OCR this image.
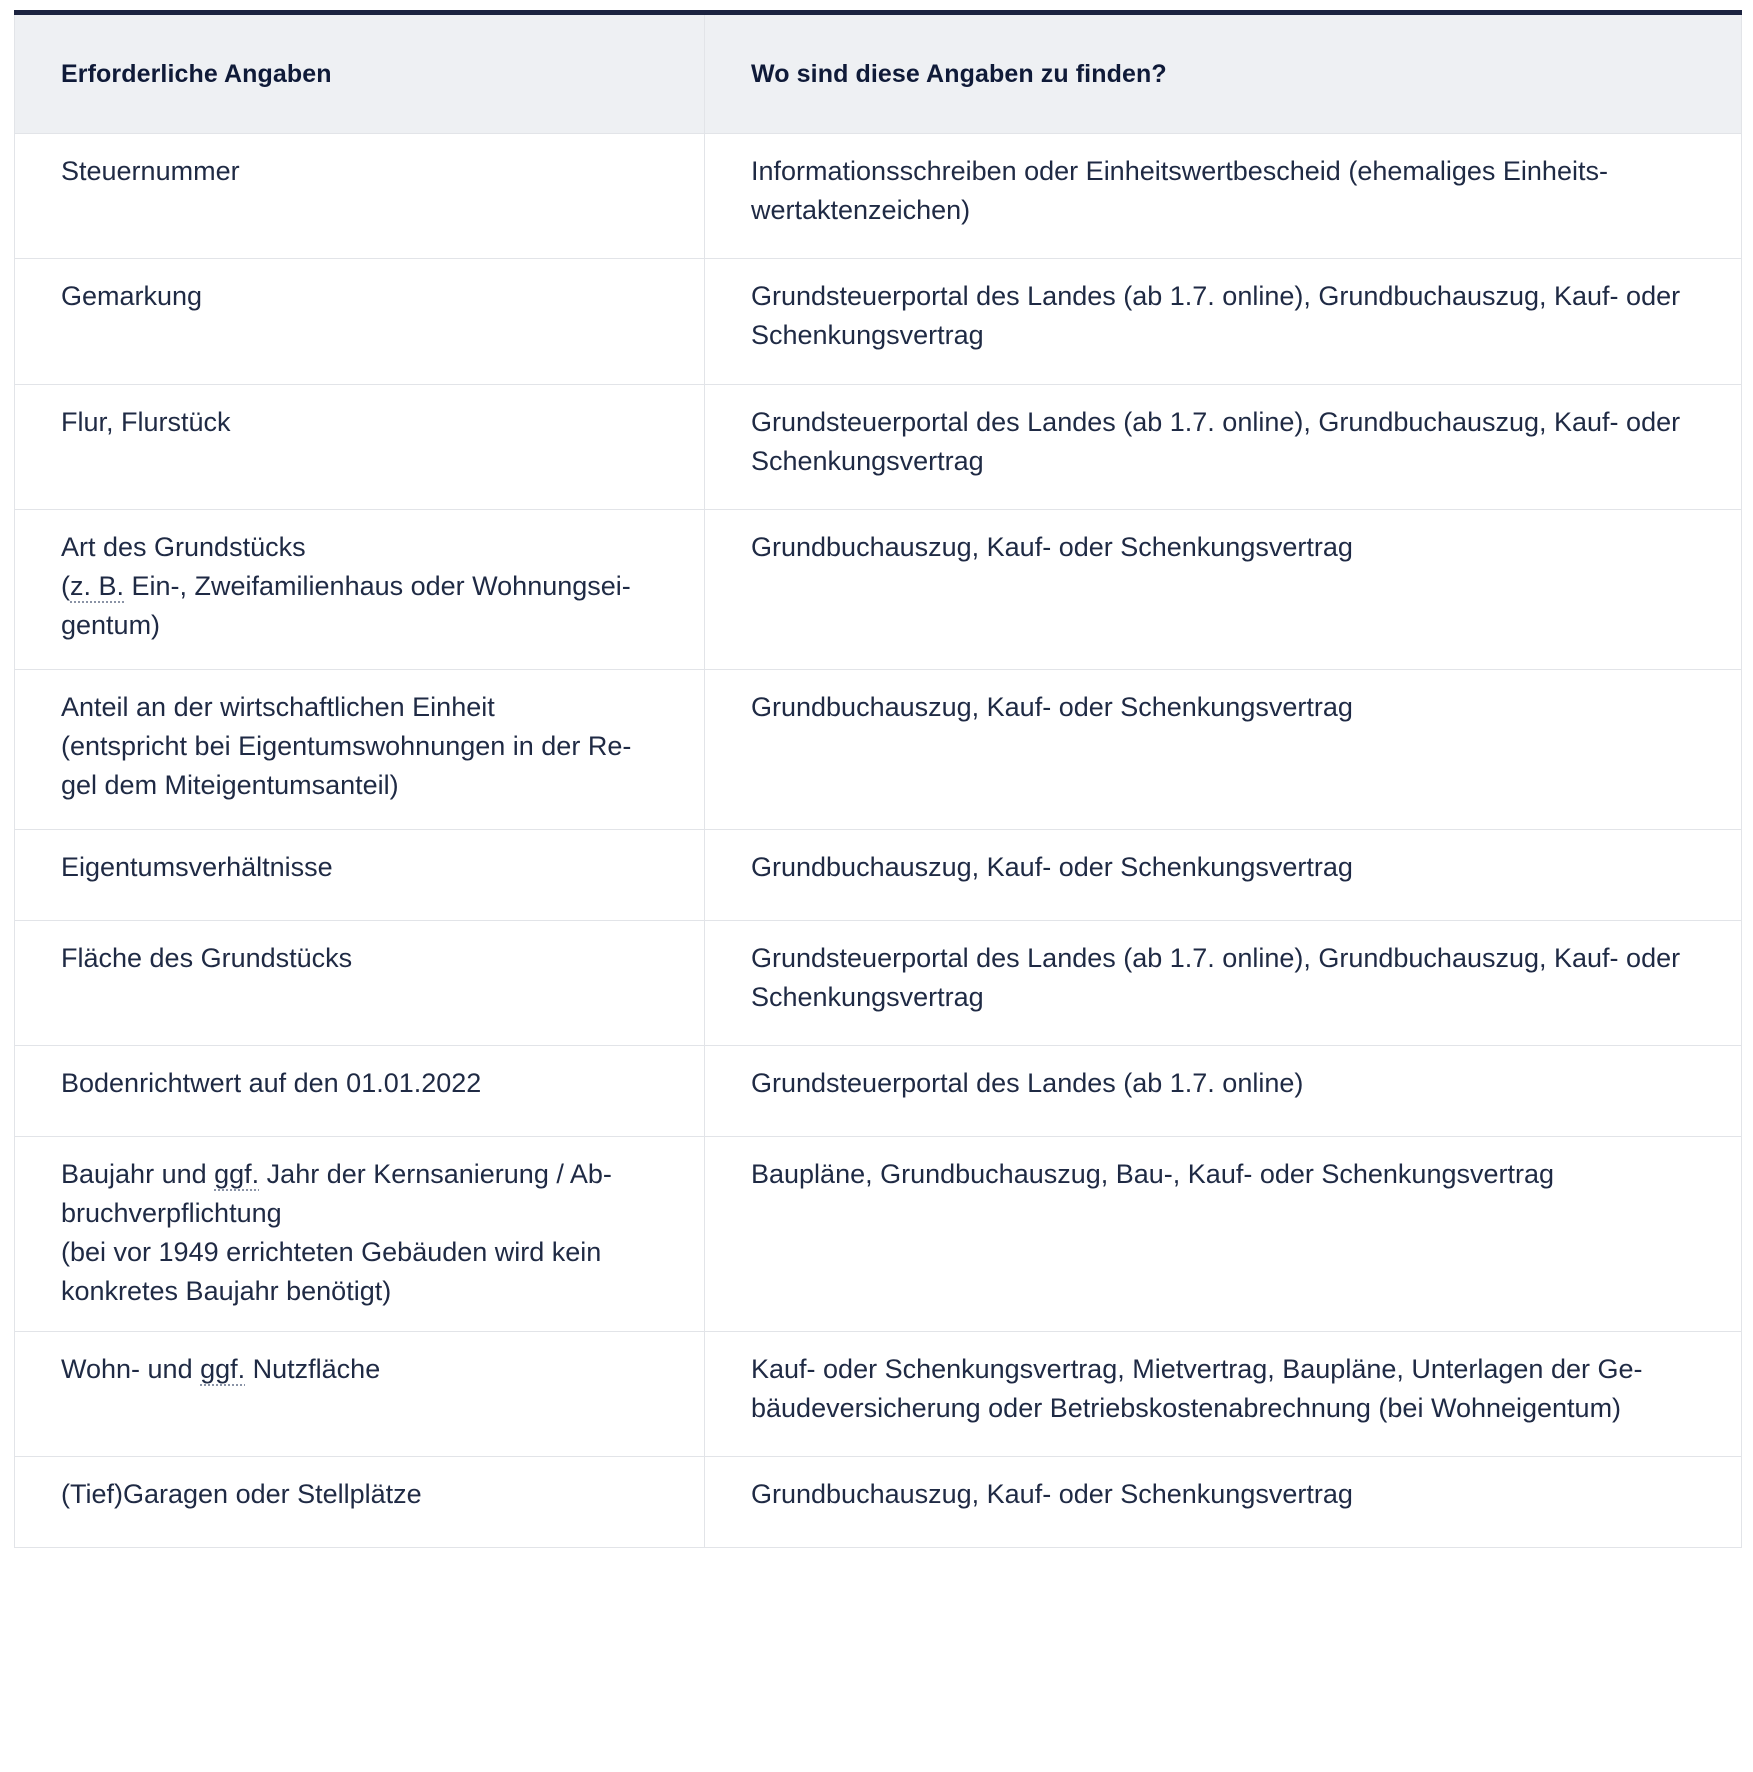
Erforderliche Angaben	Wo sind diese Angaben zu finden?

Steuernummer	Informationsschreiben oder Einheitswertbescheid (ehemaliges Einheits-
wertaktenzeichen)

Gemarkung	Grundsteuerportal des Landes (ab 1.7. online), Grundbuchauszug, Kauf- oder
Schenkungsvertrag

Flur, Flurstück	Grundsteuerportal des Landes (ab 1.7. online), Grundbuchauszug, Kauf- oder
Schenkungsvertrag

Art des Grundstücks
(z. B. Ein-, Zweifamilienhaus oder Wohnungsei-
gentum)	Grundbuchauszug, Kauf- oder Schenkungsvertrag

Anteil an der wirtschaftlichen Einheit
(entspricht bei Eigentumswohnungen in der Re-
gel dem Miteigentumsanteil)	Grundbuchauszug, Kauf- oder Schenkungsvertrag

Eigentumsverhältnisse	Grundbuchauszug, Kauf- oder Schenkungsvertrag

Fläche des Grundstücks	Grundsteuerportal des Landes (ab 1.7. online), Grundbuchauszug, Kauf- oder
Schenkungsvertrag

Bodenrichtwert auf den 01.01.2022	Grundsteuerportal des Landes (ab 1.7. online)

Baujahr und ggf. Jahr der Kernsanierung / Ab-
bruchverpflichtung
(bei vor 1949 errichteten Gebäuden wird kein
konkretes Baujahr benötigt)	Baupläne, Grundbuchauszug, Bau-, Kauf- oder Schenkungsvertrag

Wohn- und ggf. Nutzfläche	Kauf- oder Schenkungsvertrag, Mietvertrag, Baupläne, Unterlagen der Ge-
bäudeversicherung oder Betriebskostenabrechnung (bei Wohneigentum)

(Tief)Garagen oder Stellplätze	Grundbuchauszug, Kauf- oder Schenkungsvertrag
